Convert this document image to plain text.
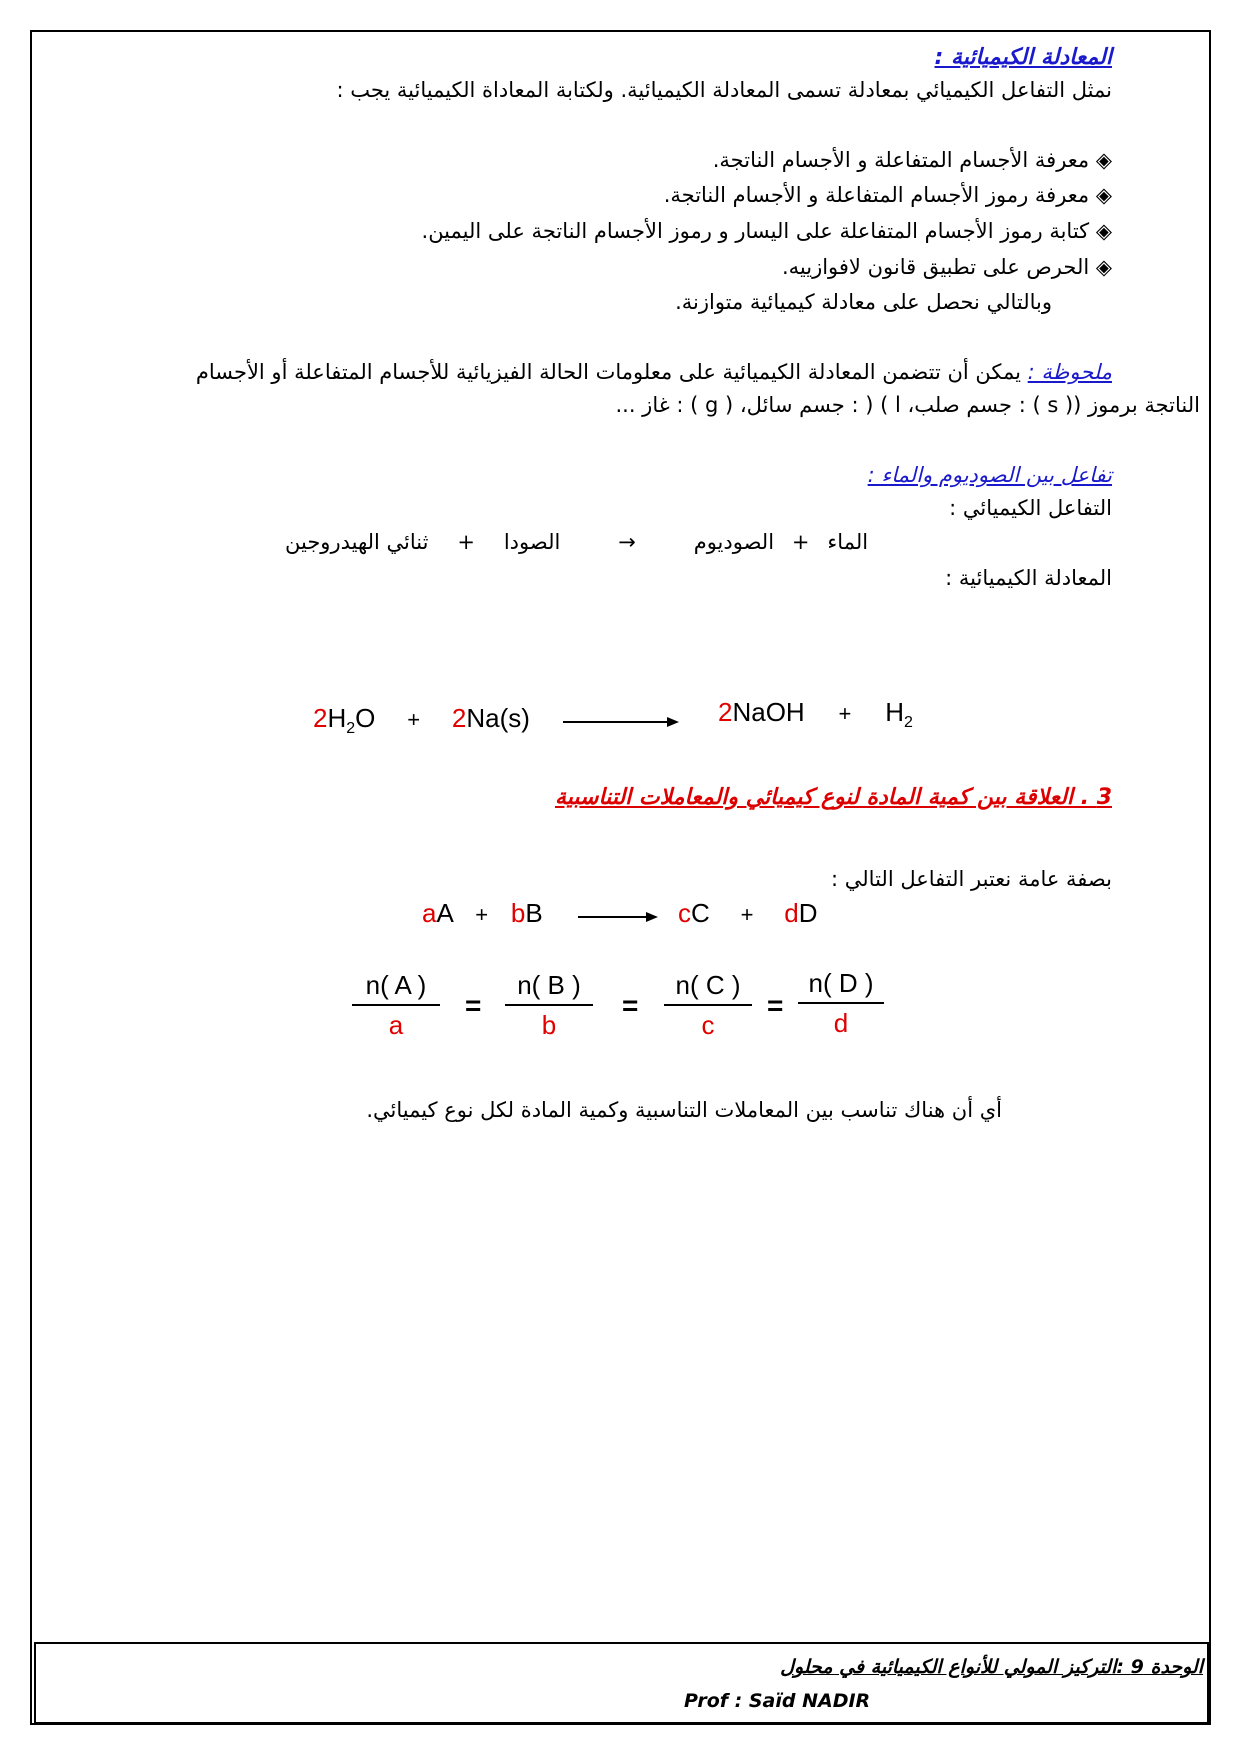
المعادلة الكيميائية :
نمثل التفاعل الكيميائي بمعادلة تسمى المعادلة الكيميائية. ولكتابة المعاداة الكيميائية يجب :
◈ معرفة الأجسام المتفاعلة و الأجسام الناتجة.
◈ معرفة رموز الأجسام المتفاعلة و الأجسام الناتجة.
◈ كتابة رموز الأجسام المتفاعلة على اليسار و رموز الأجسام الناتجة على اليمين.
◈ الحرص على تطبيق قانون لافوازييه.
وبالتالي نحصل على معادلة كيميائية متوازنة.
ملحوظة : يمكن أن تتضمن المعادلة الكيميائية على معلومات الحالة الفيزيائية للأجسام المتفاعلة أو الأجسام
الناتجة برموز (( s ) : جسم صلب، l ) ( : جسم سائل، ( g ) : غاز ...
تفاعل بين الصوديوم والماء :
التفاعل الكيميائي :
الماء + الصوديوم → الصودا + ثنائي الهيدروجين
المعادلة الكيميائية :
$2H_2O + 2Na(s)$	2NaOH + $H_2$
3 . العلاقة بين كمية المادة لنوع كيميائي والمعاملات التناسبية
بصفة عامة نعتبر التفاعل التالي :
aA + bB	cC + dD
n( A )
a
=
n( B )
b
=
n( C )
c
=
n( D )
d
أي أن هناك تناسب بين المعاملات التناسبية وكمية المادة لكل نوع كيميائي.
الوحدة 9 :التركيز المولي للأنواع الكيميائية في محلول
Prof : Saïd NADIR
